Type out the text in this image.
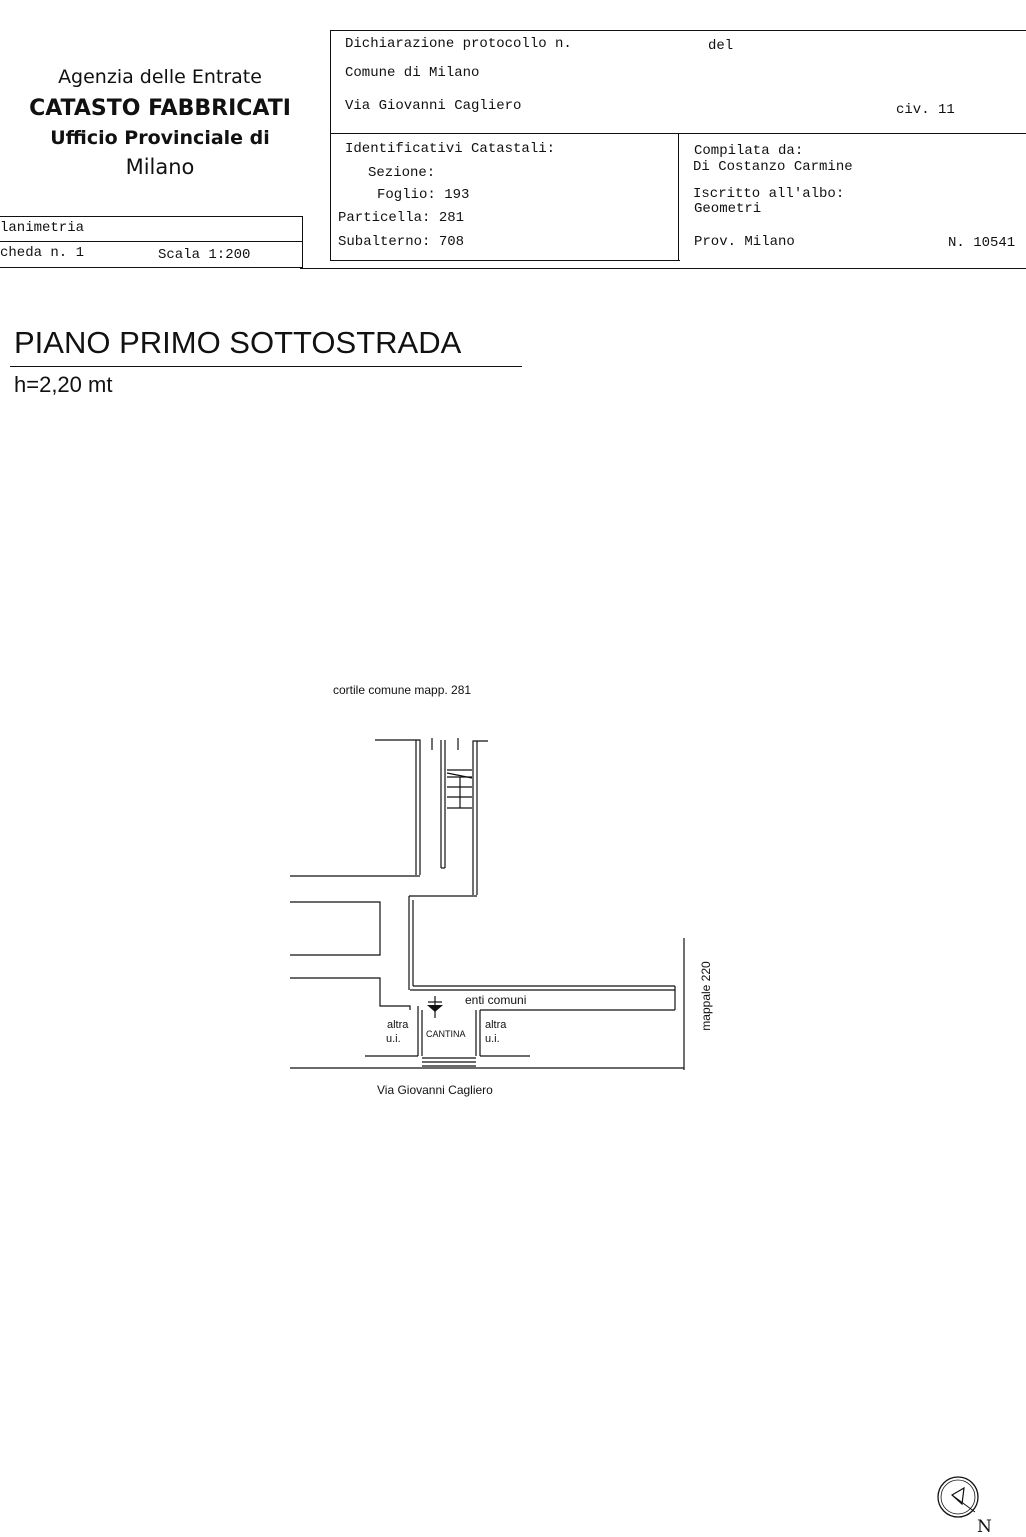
Agenzia delle Entrate
CATASTO FABBRICATI
Ufficio Provinciale di
Milano
lanimetria
cheda n. 1	Scala 1:200
Dichiarazione protocollo n.	del
Comune di Milano
Via Giovanni Cagliero	civ. 11
Identificativi Catastali:
Sezione:
Foglio: 193
Particella: 281
Subalterno: 708
Compilata da:
Di Costanzo Carmine
Iscritto all'albo:
Geometri
Prov. Milano	N. 10541
PIANO PRIMO SOTTOSTRADA
h=2,20 mt
cortile comune mapp. 281
Via Giovanni Cagliero
mappale 220
enti comuni
altra
u.i.	CANTINA
altra
u.i.
N
